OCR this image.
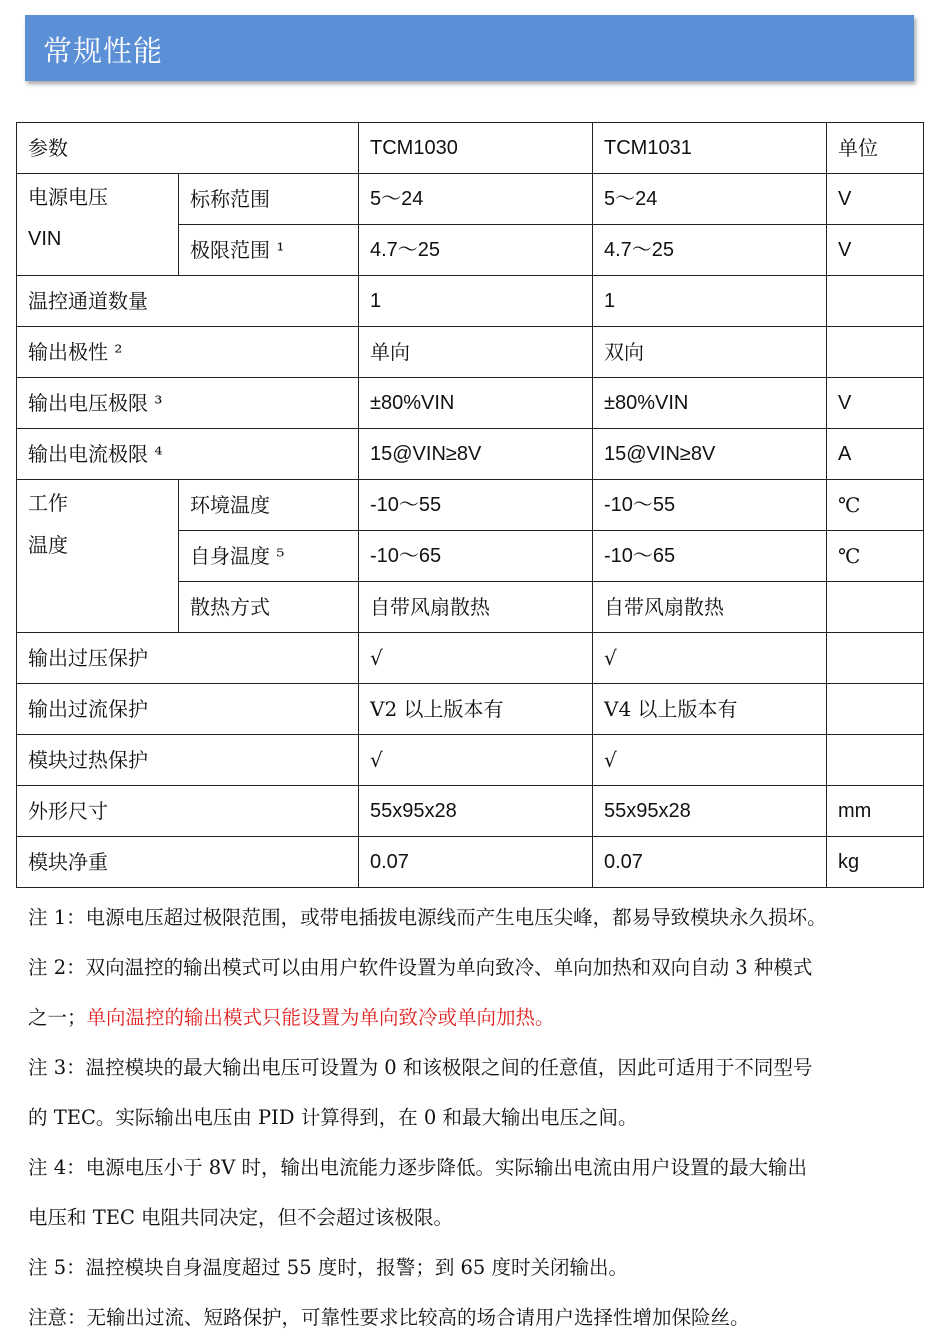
常规性能
参数		TCM1030	TCM1031	单位
电源电压
VIN	标称范围	5～24	5～24	V
	极限范围 ¹	4.7～25	4.7～25	V
温控通道数量		1	1	
输出极性 ²		单向	双向	
输出电压极限 ³		±80%VIN	±80%VIN	V
输出电流极限 ⁴		15@VIN≥8V	15@VIN≥8V	A
工作
温度	环境温度	-10～55	-10～55	℃
	自身温度 ⁵	-10～65	-10～65	℃
	散热方式	自带风扇散热	自带风扇散热	
输出过压保护		√	√	
输出过流保护		V2 以上版本有	V4 以上版本有	
模块过热保护		√	√	
外形尺寸		55x95x28	55x95x28	mm
模块净重		0.07	0.07	kg

注 1：电源电压超过极限范围，或带电插拔电源线而产生电压尖峰，都易导致模块永久损坏。

注 2：双向温控的输出模式可以由用户软件设置为单向致冷、单向加热和双向自动 3 种模式

之一；单向温控的输出模式只能设置为单向致冷或单向加热。

注 3：温控模块的最大输出电压可设置为 0 和该极限之间的任意值，因此可适用于不同型号

的 TEC。实际输出电压由 PID 计算得到，在 0 和最大输出电压之间。

注 4：电源电压小于 8V 时，输出电流能力逐步降低。实际输出电流由用户设置的最大输出

电压和 TEC 电阻共同决定，但不会超过该极限。

注 5：温控模块自身温度超过 55 度时，报警；到 65 度时关闭输出。

注意：无输出过流、短路保护，可靠性要求比较高的场合请用户选择性增加保险丝。
